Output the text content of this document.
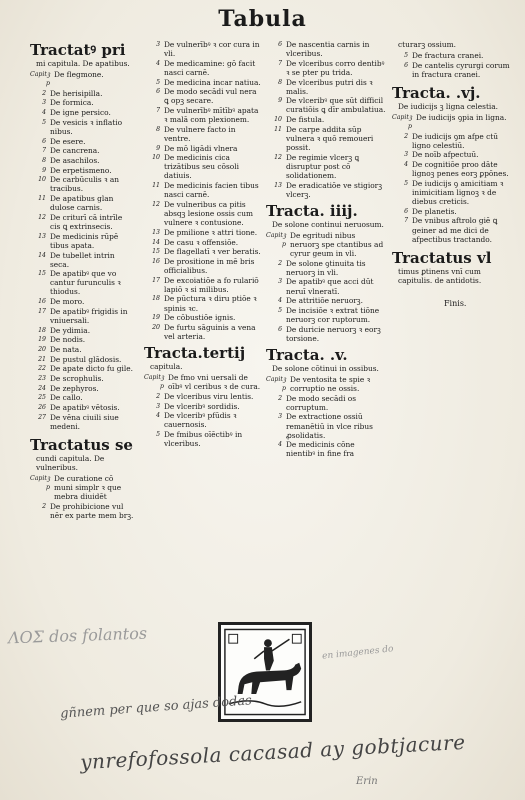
Tabula
Tractatꝰ pri
mi capitula. De apatibus.
Capitꝫ p
De flegmone.
2 De herisipilla.
3 De formica.
4 De igne persico.
5 De vesicis ꝛ inflatio nibus.
6 De esere.
7 De cancrena.
8 De asachilos.
9 De erpetismeno.
10 De carbūculis ꝛ an tracibus.
11 De apatibus glan dulose carnis.
12 De criturī cā intrīle cis ꝗ extrinsecis.
13 De medicinis rūpē tibus apata.
14 De tubellet intrin seca.
15 De apatibꝰ que vo cantur furunculis ꝛ thiodus.
16 De moro.
17 De apatibꝰ frigidis in vniuersali.
18 De ydimia.
19 De nodis.
20 De nata.
21 De pustul glādosis.
22 De apate dicto fu gile.
23 De scrophulis.
24 De zephyros.
25 De callo.
26 De apatibꝰ vētosis.
27 De vēna ciuili siue medeni.
Tractatus se
cundi capitula. De vulneribus.
Capitꝫ p
De curatione cō muni simplr ꝛ que mebra diuidēt
2 De prohibicione vul nēr ex parte mem brꝫ.
3 De vulnerībꝰ ꝛ cor cura in vli.
4 De medicamine: gō facit nasci carnē.
5 De medicina incar natiua.
6 De modo secādi vul nera ꝗ opꝫ secare.
7 De vulnerībꝰ mītībꝰ apata ꝛ malā com plexionem.
8 De vulnere facto in ventre.
9 De mō ligādi vlnera
10 De medicinis cica trizātibus seu cōsoli datiuis.
11 De medicinis facien tibus nasci carnē.
12 De vulneribus ca pitis absqꝫ lesione ossis cum vulnere ꝛ contusione.
13 De pmilione ꝛ attri tione.
14 De casu ꝛ offensiōe.
15 De flagellatī ꝛ ver beratis.
16 De prositione in mē bris officialibus.
17 De excoiatiōe a fo rulariō lapiō ꝛ si milibus.
18 De pūctura ꝛ diru ptiōe ꝛ spinis ꝛc.
19 De cōbustiōe ignis.
20 De furtu sāguinis a vena vel arteria.
Tracta.tertij
capitula.
Capitꝫ p
De fmo vni uersali de oībꝰ vl ceribus ꝛ de cura.
2 De vlceribus viru lentis.
3 De vlceribꝰ sordidis.
4 De vlceribꝰ pfūdis ꝛ cauernosis.
5 De fmibus oīēctibꝰ in vlceribus.
6 De nascentia carnis in vlceribus.
7 De vlceribus corro dentibꝰ ꝛ se pter pu trida.
8 De vlceribus putri dis ꝛ malis.
9 De vlceribꝰ que sūt difficil curatiōis ꝗ dīr ambulatiua.
10 De fistula.
11 De carpe addita sūp vulnera ꝛ quō remoueri possit.
12 De regimie vlcerꝫ ꝗ disruptur post cō solidationem.
13 De eradicatiōe ve stigiorꝫ vlcerꝫ.
Tracta. iiij.
De solone continui neruosum.
Capitꝫ p
De egritudi nibus neruorꝫ spe ctantibus ad cyrur geum in vli.
2 De solone ꝯtinuita tis neruorꝫ in vli.
3 De apatibꝰ que acci dūt neruī vlneratī.
4 De attritiōe neruorꝫ.
5 De incisiōe ꝛ extrat tiōne neruorꝫ cor ruptorum.
6 De duricie neruorꝫ ꝛ eorꝫ torsione.
Tracta. .v.
De solone cōtinui in ossibus.
Capitꝫ p
De ventosita te spie ꝛ corruptio ne ossis.
2 De modo secādi os corruptum.
3 De extractione ossiū remanētiū in vlce ribus ꝓsolidatis.
4 De medicinis cōne nientibꝰ in fine fra
cturarꝫ ossium.
5 De fractura cranei.
6 De cantelis cyrurgi corum in fractura cranei.
Tracta. .vj.
De iudicijs ꝫ ligna celestia.
Capitꝫ p
De iudicijs ꝯpia in ligna.
2 De iudicijs ꝯm afpe ctū ligno celestiū.
3 De noīb afpectuū.
4 De cognitiōe proo dāte lignoꝫ penes eorꝫ ꝑpōnes.
5 De iudicijs ꝯ amicitiam ꝛ inimicitiam lignoꝫ ꝛ de diebus creticis.
6 De planetis.
7 De vnibus aftrolo giē ꝗ geiner ad me dici de afpectibus tractando.
Tractatus vl
timus ꝑtinens vnī cum capitulis. de antidotis.
Finis.
ΛΟΣ dos folantos
gñnem per que so ajas dodas
ynrefofossola cacasad ay gobtjacure
en imagenes do
Erin
